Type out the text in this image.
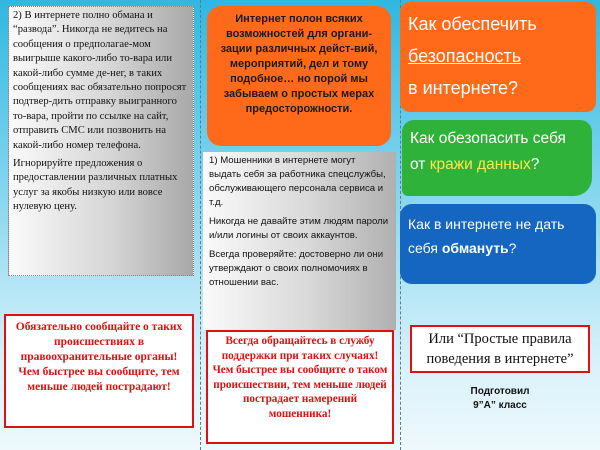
2) В интернете полно обмана и “развода”. Никогда не ведитесь на сообщения о предполагае-мом выигрыше какого-либо то-вара или какой-либо сумме де-нег, в таких сообщениях вас обязательно попросят подтвер-дить отправку выигранного то-вара, пройти по ссылке на сайт, отправить СМС или позвонить на какой-либо номер телефона.

Игнорируйте предложения о предоставлении различных платных услуг за якобы низкую или вовсе нулевую цену.

Обязательно сообщайте о таких происшествиях в правоохранительные органы! Чем быстрее вы сообщите, тем меньше людей пострадают!
Интернет полон всяких возможностей для органи-зации различных дейст-вий, мероприятий, дел и тому подобное… но порой мы забываем о простых мерах предосторожности.

1) Мошенники в интернете могут выдать себя за работника спецслужбы, обслуживающего персонала сервиса и т.д.

Никогда не давайте этим людям пароли и/или логины от своих аккаунтов.

Всегда проверяйте: достоверно ли они утверждают о своих полномочиях в отношении вас.

Всегда обращайтесь в службу поддержки при таких случаях! Чем быстрее вы сообщите о таком происшествии, тем меньше людей пострадает намерений мошенника!
Как обеспечить
безопасность
в интернете?
Как обезопасить себя
от кражи данных?
Как в интернете не дать
себя обмануть?
Или “Простые правила поведения в интернете”
Подготовил
9”А” класс
